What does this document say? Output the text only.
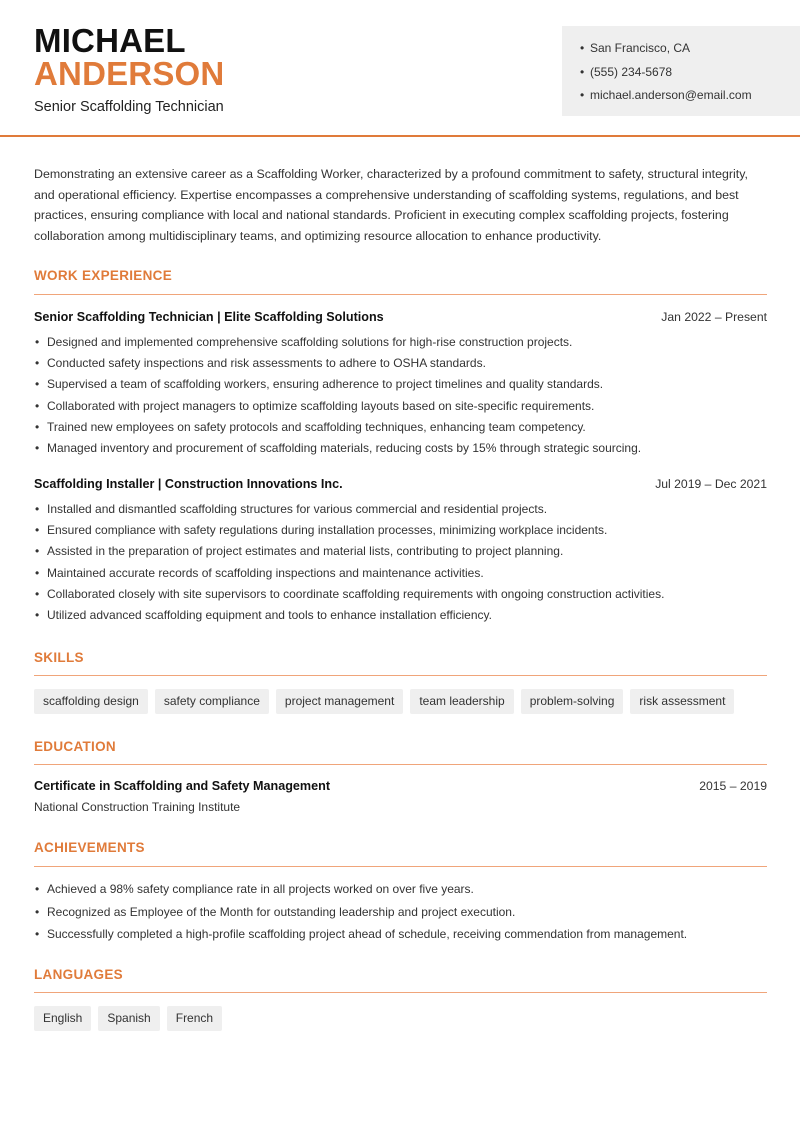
MICHAEL
ANDERSON
Senior Scaffolding Technician
• San Francisco, CA
• (555) 234-5678
• michael.anderson@email.com

Demonstrating an extensive career as a Scaffolding Worker, characterized by a profound commitment to safety, structural integrity, and operational efficiency. Expertise encompasses a comprehensive understanding of scaffolding systems, regulations, and best practices, ensuring compliance with local and national standards. Proficient in executing complex scaffolding projects, fostering collaboration among multidisciplinary teams, and optimizing resource allocation to enhance productivity.

WORK EXPERIENCE
Senior Scaffolding Technician | Elite Scaffolding Solutions	Jan 2022 – Present
• Designed and implemented comprehensive scaffolding solutions for high-rise construction projects.
• Conducted safety inspections and risk assessments to adhere to OSHA standards.
• Supervised a team of scaffolding workers, ensuring adherence to project timelines and quality standards.
• Collaborated with project managers to optimize scaffolding layouts based on site-specific requirements.
• Trained new employees on safety protocols and scaffolding techniques, enhancing team competency.
• Managed inventory and procurement of scaffolding materials, reducing costs by 15% through strategic sourcing.
Scaffolding Installer | Construction Innovations Inc.	Jul 2019 – Dec 2021
• Installed and dismantled scaffolding structures for various commercial and residential projects.
• Ensured compliance with safety regulations during installation processes, minimizing workplace incidents.
• Assisted in the preparation of project estimates and material lists, contributing to project planning.
• Maintained accurate records of scaffolding inspections and maintenance activities.
• Collaborated closely with site supervisors to coordinate scaffolding requirements with ongoing construction activities.
• Utilized advanced scaffolding equipment and tools to enhance installation efficiency.
SKILLS
scaffolding design	safety compliance	project management	team leadership	problem-solving	risk assessment
EDUCATION
Certificate in Scaffolding and Safety Management	2015 – 2019
National Construction Training Institute
ACHIEVEMENTS
• Achieved a 98% safety compliance rate in all projects worked on over five years.
• Recognized as Employee of the Month for outstanding leadership and project execution.
• Successfully completed a high-profile scaffolding project ahead of schedule, receiving commendation from management.
LANGUAGES
English	Spanish	French
